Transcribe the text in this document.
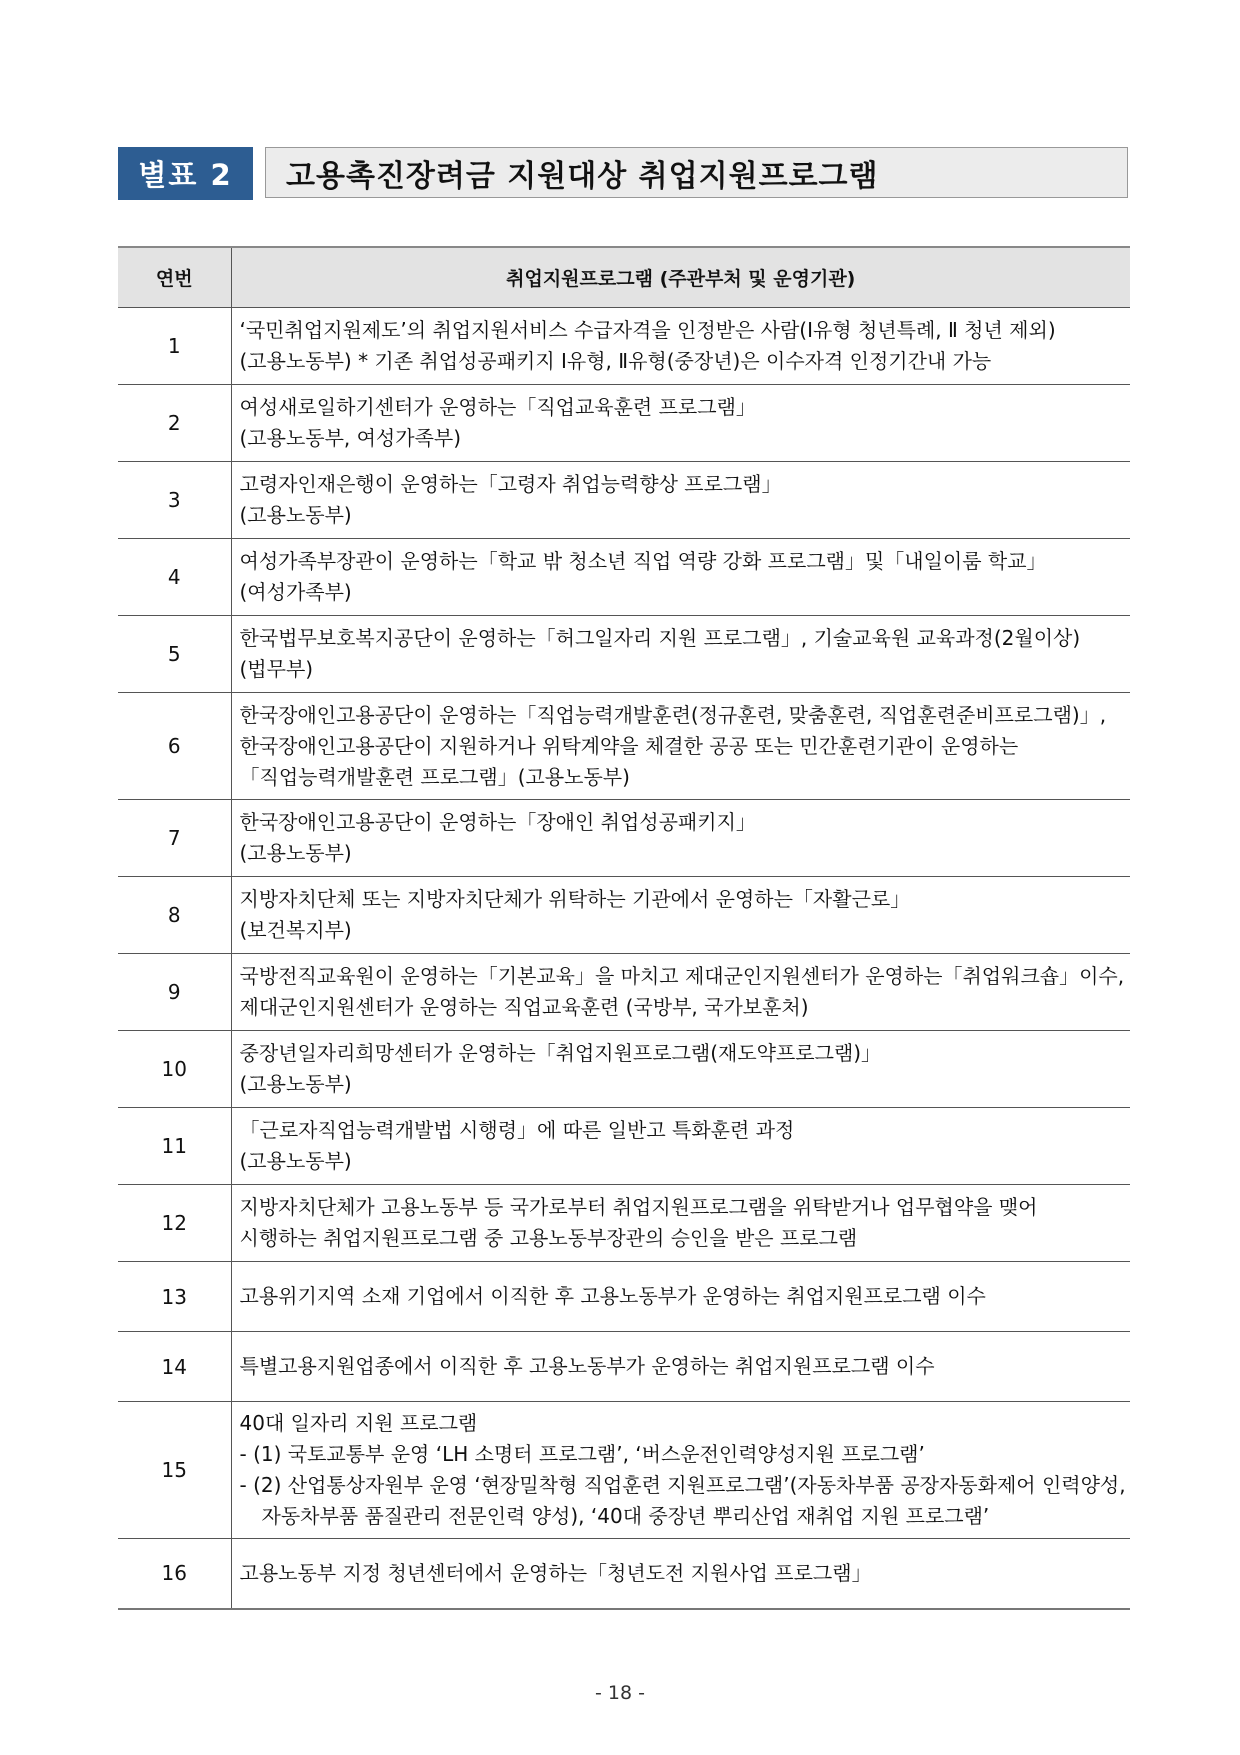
별표 2	고용촉진장려금 지원대상 취업지원프로그램
연번	취업지원프로그램 (주관부처 및 운영기관)
1	‘국민취업지원제도’의 취업지원서비스 수급자격을 인정받은 사람(Ⅰ유형 청년특례, Ⅱ 청년 제외)
(고용노동부) * 기존 취업성공패키지 Ⅰ유형, Ⅱ유형(중장년)은 이수자격 인정기간내 가능

2	여성새로일하기센터가 운영하는「직업교육훈련 프로그램」
(고용노동부, 여성가족부)

3	고령자인재은행이 운영하는「고령자 취업능력향상 프로그램」
(고용노동부)

4	여성가족부장관이 운영하는「학교 밖 청소년 직업 역량 강화 프로그램」및「내일이룸 학교」
(여성가족부)

5	한국법무보호복지공단이 운영하는「허그일자리 지원 프로그램」, 기술교육원 교육과정(2월이상)
(법무부)

6	한국장애인고용공단이 운영하는「직업능력개발훈련(정규훈련, 맞춤훈련, 직업훈련준비프로그램)」,
한국장애인고용공단이 지원하거나 위탁계약을 체결한 공공 또는 민간훈련기관이 운영하는
「직업능력개발훈련 프로그램」(고용노동부)

7	한국장애인고용공단이 운영하는「장애인 취업성공패키지」
(고용노동부)

8	지방자치단체 또는 지방자치단체가 위탁하는 기관에서 운영하는「자활근로」
(보건복지부)

9	국방전직교육원이 운영하는「기본교육」을 마치고 제대군인지원센터가 운영하는「취업워크숍」이수,
제대군인지원센터가 운영하는 직업교육훈련 (국방부, 국가보훈처)

10	중장년일자리희망센터가 운영하는「취업지원프로그램(재도약프로그램)」
(고용노동부)

11	「근로자직업능력개발법 시행령」에 따른 일반고 특화훈련 과정
(고용노동부)

12	지방자치단체가 고용노동부 등 국가로부터 취업지원프로그램을 위탁받거나 업무협약을 맺어
시행하는 취업지원프로그램 중 고용노동부장관의 승인을 받은 프로그램

13	고용위기지역 소재 기업에서 이직한 후 고용노동부가 운영하는 취업지원프로그램 이수

14	특별고용지원업종에서 이직한 후 고용노동부가 운영하는 취업지원프로그램 이수

15	40대 일자리 지원 프로그램
- (1) 국토교통부 운영 ‘LH 소명터 프로그램’, ‘버스운전인력양성지원 프로그램’
- (2) 산업통상자원부 운영 ‘현장밀착형 직업훈련 지원프로그램’(자동차부품 공장자동화제어 인력양성,
자동차부품 품질관리 전문인력 양성), ‘40대 중장년 뿌리산업 재취업 지원 프로그램’

16	고용노동부 지정 청년센터에서 운영하는「청년도전 지원사업 프로그램」
- 18 -
